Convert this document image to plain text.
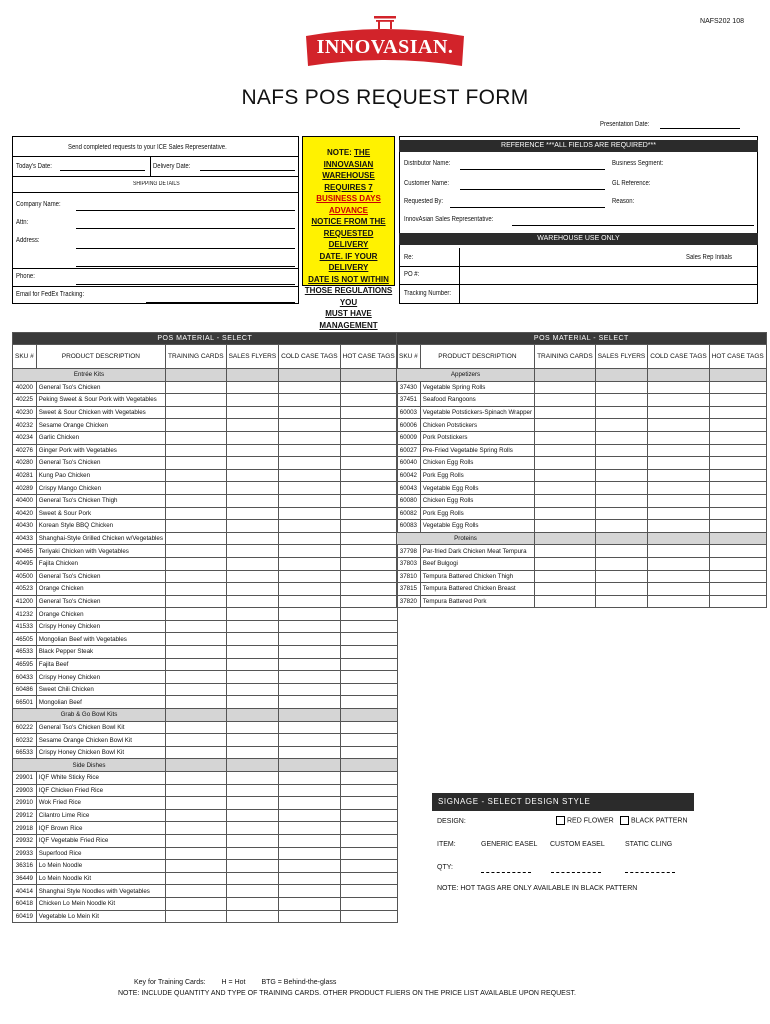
NAFS202 108
INNOVASIAN.
NAFS POS REQUEST FORM
Presentation Date:
Send completed requests to your ICE Sales Representative.
Today's Date:	Delivery Date:
SHIPPING DETAILS
Company Name:
Attn:
Address:
Phone:
Email for FedEx Tracking:
NOTE: THE INNOVASIAN
WAREHOUSE REQUIRES 7
BUSINESS DAYS ADVANCE
NOTICE FROM THE
REQUESTED DELIVERY
DATE. IF YOUR DELIVERY
DATE IS NOT WITHIN
THOSE REGULATIONS YOU
MUST HAVE MANAGEMENT
REFERENCE ***ALL FIELDS ARE REQUIRED***
Distributor Name:	Business Segment:
Customer Name:	GL Reference:
Requested By:	Reason:
InnovAsian Sales Representative:
WAREHOUSE USE ONLY
Re:	Sales Rep Initials
PO #:
Tracking Number:
POS MATERIAL - SELECT					
SKU #	PRODUCT DESCRIPTION	TRAINING CARDS	SALES FLYERS	COLD CASE TAGS	HOT CASE TAGS
Entrée Kits					
40200	General Tso's Chicken				
40225	Peking Sweet & Sour Pork with Vegetables				
40230	Sweet & Sour Chicken with Vegetables				
40232	Sesame Orange Chicken				
40234	Garlic Chicken				
40276	Ginger Pork with Vegetables				
40280	General Tso's Chicken				
40281	Kung Pao Chicken				
40289	Crispy Mango Chicken				
40400	General Tso's Chicken Thigh				
40420	Sweet & Sour Pork				
40430	Korean Style BBQ Chicken				
40433	Shanghai-Style Grilled Chicken w/Vegetables				
40465	Teriyaki Chicken with Vegetables				
40495	Fajita Chicken				
40500	General Tso's Chicken				
40523	Orange Chicken				
41200	General Tso's Chicken				
41232	Orange Chicken				
41533	Crispy Honey Chicken				
46505	Mongolian Beef with Vegetables				
46533	Black Pepper Steak				
46595	Fajita Beef				
60433	Crispy Honey Chicken				
60486	Sweet Chili Chicken				
66501	Mongolian Beef				
Grab & Go Bowl Kits					
60222	General Tso's Chicken Bowl Kit				
60232	Sesame Orange Chicken Bowl Kit				
66533	Crispy Honey Chicken Bowl Kit				
Side Dishes					
29901	IQF White Sticky Rice				
29903	IQF Chicken Fried Rice				
29910	Wok Fried Rice				
29912	Cilantro Lime Rice				
29918	IQF Brown Rice				
29932	IQF Vegetable Fried Rice				
29933	Superfood Rice				
36316	Lo Mein Noodle				
36449	Lo Mein Noodle Kit				
40414	Shanghai Style Noodles with Vegetables				
60418	Chicken Lo Mein Noodle Kit				
60419	Vegetable Lo Mein Kit				
POS MATERIAL - SELECT					
SKU #	PRODUCT DESCRIPTION	TRAINING CARDS	SALES FLYERS	COLD CASE TAGS	HOT CASE TAGS
Appetizers					
37430	Vegetable Spring Rolls				
37451	Seafood Rangoons				
60003	Vegetable Potstickers-Spinach Wrapper				
60006	Chicken Potstickers				
60009	Pork Potstickers				
60027	Pre-Fried Vegetable Spring Rolls				
60040	Chicken Egg Rolls				
60042	Pork Egg Rolls				
60043	Vegetable Egg Rolls				
60080	Chicken Egg Rolls				
60082	Pork Egg Rolls				
60083	Vegetable Egg Rolls				
Proteins					
37798	Par-fried Dark Chicken Meat Tempura				
37803	Beef Bulgogi				
37810	Tempura Battered Chicken Thigh				
37815	Tempura Battered Chicken Breast				
37820	Tempura Battered Pork				
SIGNAGE - SELECT DESIGN STYLE
DESIGN:	RED FLOWER	BLACK PATTERN
ITEM:	GENERIC EASEL CUSTOM EASEL	STATIC CLING
QTY:
NOTE: HOT TAGS ARE ONLY AVAILABLE IN BLACK PATTERN
Key for Training Cards: H = Hot BTG = Behind-the-glass
NOTE: INCLUDE QUANTITY AND TYPE OF TRAINING CARDS. OTHER PRODUCT FLIERS ON THE PRICE LIST AVAILABLE UPON REQUEST.
